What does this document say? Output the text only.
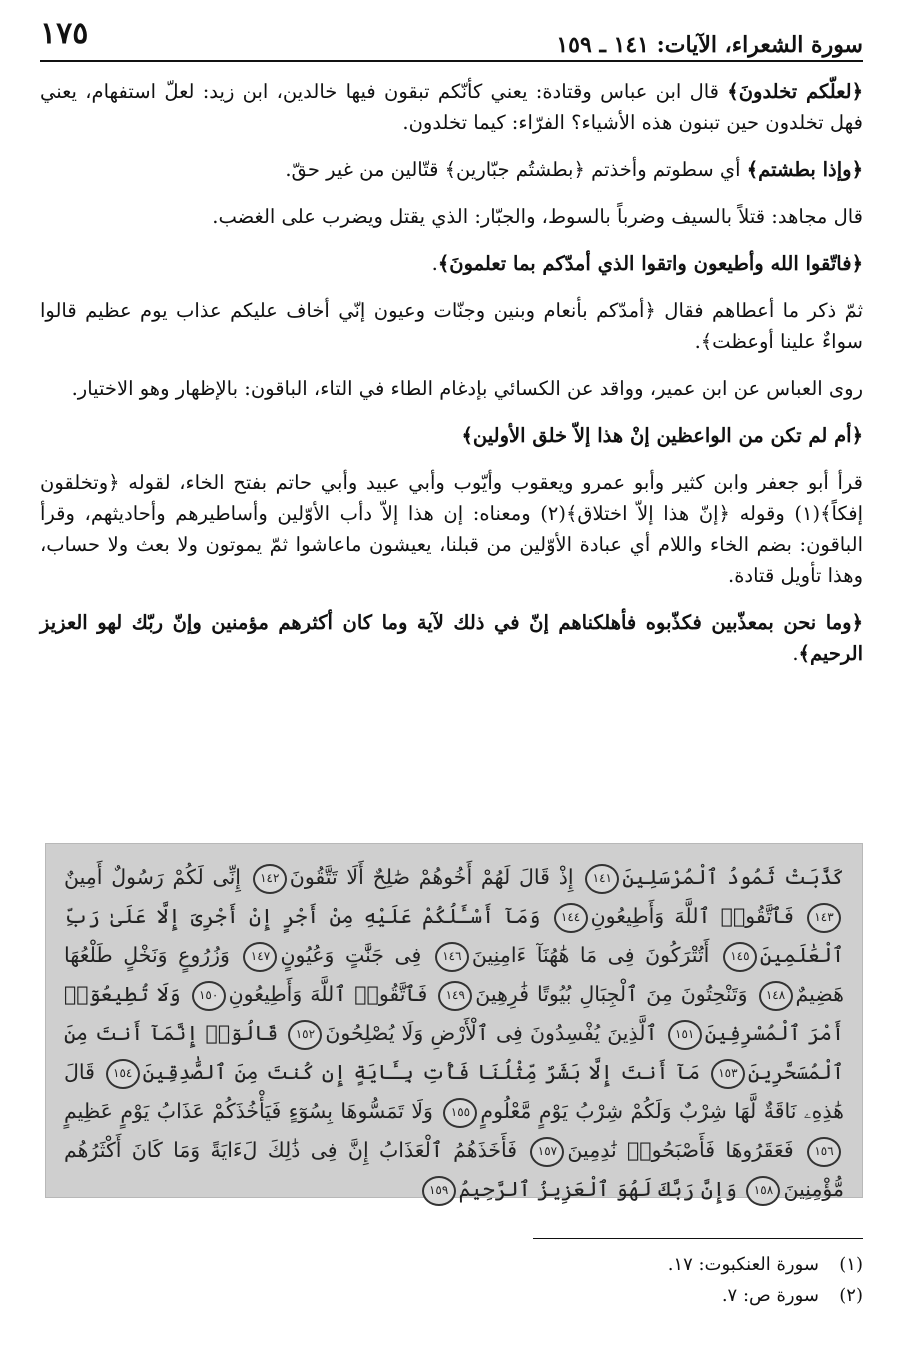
سورة الشعراء، الآيات: ١٤١ ـ ١٥٩
١٧٥

﴿لعلّكم تخلدونَ﴾ قال ابن عباس وقتادة: يعني كأنّكم تبقون فيها خالدين، ابن زيد: لعلّ استفهام، يعني فهل تخلدون حين تبنون هذه الأشياء؟ الفرّاء: كيما تخلدون.

﴿وإذا بطشتم﴾ أي سطوتم وأخذتم ﴿بطشتُم جبّارين﴾ قتّالين من غير حقّ.

قال مجاهد: قتلاً بالسيف وضرباً بالسوط، والجبّار: الذي يقتل ويضرب على الغضب.

﴿فاتّقوا الله وأطيعون واتقوا الذي أمدّكم بما تعلمونَ﴾.

ثمّ ذكر ما أعطاهم فقال ﴿أمدّكم بأنعام وبنين وجنّات وعيون إنّي أخاف عليكم عذاب يوم عظيم قالوا سواءٌ علينا أوعظت﴾.

روى العباس عن ابن عمير، وواقد عن الكسائي بإدغام الطاء في التاء، الباقون: بالإظهار وهو الاختيار.

﴿أم لم تكن من الواعظين إنْ هذا إلاّ خلق الأولين﴾

قرأ أبو جعفر وابن كثير وأبو عمرو ويعقوب وأيّوب وأبي عبيد وأبي حاتم بفتح الخاء، لقوله ﴿وتخلقون إفكاً﴾(١) وقوله ﴿إنّ هذا إلاّ اختلاق﴾(٢) ومعناه: إن هذا إلاّ دأب الأوّلين وأساطيرهم وأحاديثهم، وقرأ الباقون: بضم الخاء واللام أي عبادة الأوّلين من قبلنا، يعيشون ماعاشوا ثمّ يموتون ولا بعث ولا حساب، وهذا تأويل قتادة.

﴿وما نحن بمعذّبين فكذّبوه فأهلكناهم إنّ في ذلك لآية وما كان أكثرهم مؤمنين وإنّ ربّك لهو العزيز الرحيم﴾.

كَذَّبَتْ ثَمُودُ ٱلْمُرْسَلِينَ١٤١ إِذْ قَالَ لَهُمْ أَخُوهُمْ صَٰلِحٌ أَلَا تَتَّقُونَ١٤٢ إِنِّى لَكُمْ رَسُولٌ أَمِينٌ١٤٣ فَٱتَّقُوا۟ ٱللَّهَ وَأَطِيعُونِ١٤٤ وَمَآ أَسْـَٔلُكُمْ عَلَيْهِ مِنْ أَجْرٍ إِنْ أَجْرِىَ إِلَّا عَلَىٰ رَبِّ ٱلْعَٰلَمِينَ١٤٥ أَتُتْرَكُونَ فِى مَا هَٰهُنَآ ءَامِنِينَ١٤٦ فِى جَنَّٰتٍ وَعُيُونٍ١٤٧ وَزُرُوعٍ وَنَخْلٍ طَلْعُهَا هَضِيمٌ١٤٨ وَتَنْحِتُونَ مِنَ ٱلْجِبَالِ بُيُوتًا فَٰرِهِينَ١٤٩ فَٱتَّقُوا۟ ٱللَّهَ وَأَطِيعُونِ١٥٠ وَلَا تُطِيعُوٓا۟ أَمْرَ ٱلْمُسْرِفِينَ١٥١ ٱلَّذِينَ يُفْسِدُونَ فِى ٱلْأَرْضِ وَلَا يُصْلِحُونَ١٥٢ قَالُوٓا۟ إِنَّمَآ أَنتَ مِنَ ٱلْمُسَحَّرِينَ١٥٣ مَآ أَنتَ إِلَّا بَشَرٌ مِّثْلُنَا فَأْتِ بِـَٔايَةٍ إِن كُنتَ مِنَ ٱلصَّٰدِقِينَ١٥٤ قَالَ هَٰذِهِۦ نَاقَةٌ لَّهَا شِرْبٌ وَلَكُمْ شِرْبُ يَوْمٍ مَّعْلُومٍ١٥٥ وَلَا تَمَسُّوهَا بِسُوٓءٍ فَيَأْخُذَكُمْ عَذَابُ يَوْمٍ عَظِيمٍ١٥٦ فَعَقَرُوهَا فَأَصْبَحُوا۟ نَٰدِمِينَ١٥٧ فَأَخَذَهُمُ ٱلْعَذَابُ إِنَّ فِى ذَٰلِكَ لَءَايَةً وَمَا كَانَ أَكْثَرُهُم مُّؤْمِنِينَ١٥٨ وَإِنَّ رَبَّكَ لَهُوَ ٱلْعَزِيزُ ٱلرَّحِيمُ١٥٩
(١)سورة العنكبوت: ١٧.
(٢)سورة ص: ٧.
